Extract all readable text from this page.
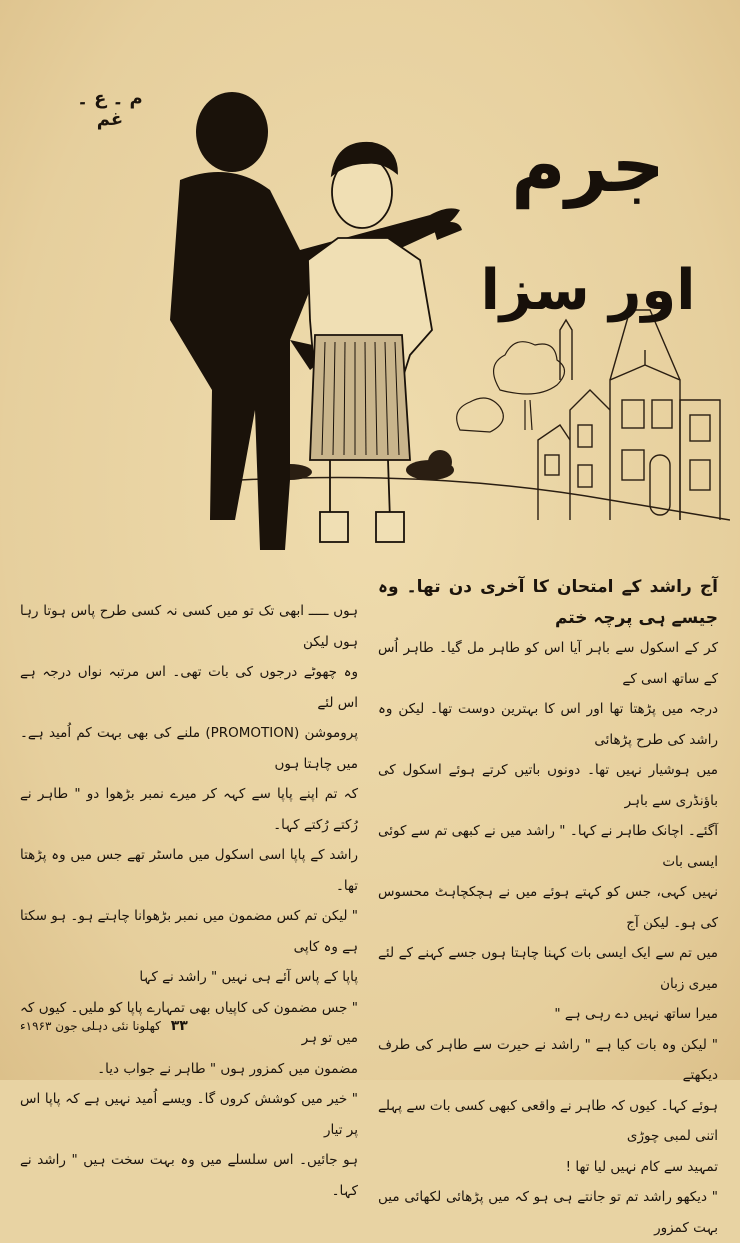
م ۔ ع ۔ غم
جرم
اور سزا

آج راشد کے امتحان کا آخری دن تھا۔ وہ جیسے ہی پرچہ ختم

کر کے اسکول سے باہر آیا اس کو طاہر مل گیا۔ طاہر اُس کے ساتھ اسی کے

درجہ میں پڑھتا تھا اور اس کا بہترین دوست تھا۔ لیکن وہ راشد کی طرح پڑھائی

میں ہوشیار نہیں تھا۔ دونوں باتیں کرتے ہوئے اسکول کی باؤنڈری سے باہر

آگئے۔ اچانک طاہر نے کہا۔ " راشد میں نے کبھی تم سے کوئی ایسی بات

نہیں کہی، جس کو کہتے ہوئے میں نے ہچکچاہٹ محسوس کی ہو۔ لیکن آج

میں تم سے ایک ایسی بات کہنا چاہتا ہوں جسے کہنے کے لئے میری زبان

میرا ساتھ نہیں دے رہی ہے "

" لیکن وہ بات کیا ہے " راشد نے حیرت سے طاہر کی طرف دیکھتے

ہوئے کہا۔ کیوں کہ طاہر نے واقعی کبھی کسی بات سے پہلے اتنی لمبی چوڑی

تمہید سے کام نہیں لیا تھا !

" دیکھو راشد تم تو جانتے ہی ہو کہ میں پڑھائی لکھائی میں بہت کمزور

ہوں ـــــ ابھی تک تو میں کسی نہ کسی طرح پاس ہوتا رہا ہوں لیکن

وہ چھوٹے درجوں کی بات تھی۔ اس مرتبہ نواں درجہ ہے اس لئے

پروموشن (PROMOTION) ملنے کی بھی بہت کم اُمید ہے۔ میں چاہتا ہوں

کہ تم اپنے پاپا سے کہہ کر میرے نمبر بڑھوا دو " طاہر نے رُکتے رُکتے کہا۔

راشد کے پاپا اسی اسکول میں ماسٹر تھے جس میں وہ پڑھتا تھا۔

" لیکن تم کس مضمون میں نمبر بڑھوانا چاہتے ہو۔ ہو سکتا ہے وہ کاپی

پاپا کے پاس آئے ہی نہیں " راشد نے کہا

" جس مضمون کی کاپیاں بھی تمہارے پاپا کو ملیں۔ کیوں کہ میں تو ہر

مضمون میں کمزور ہوں " طاہر نے جواب دیا۔

" خیر میں کوشش کروں گا۔ ویسے اُمید نہیں ہے کہ پاپا اس پر تیار

ہو جائیں۔ اس سلسلے میں وہ بہت سخت ہیں " راشد نے کہا۔

۳۳ کھلونا نئی دہلی جون ۱۹۶۳ء
